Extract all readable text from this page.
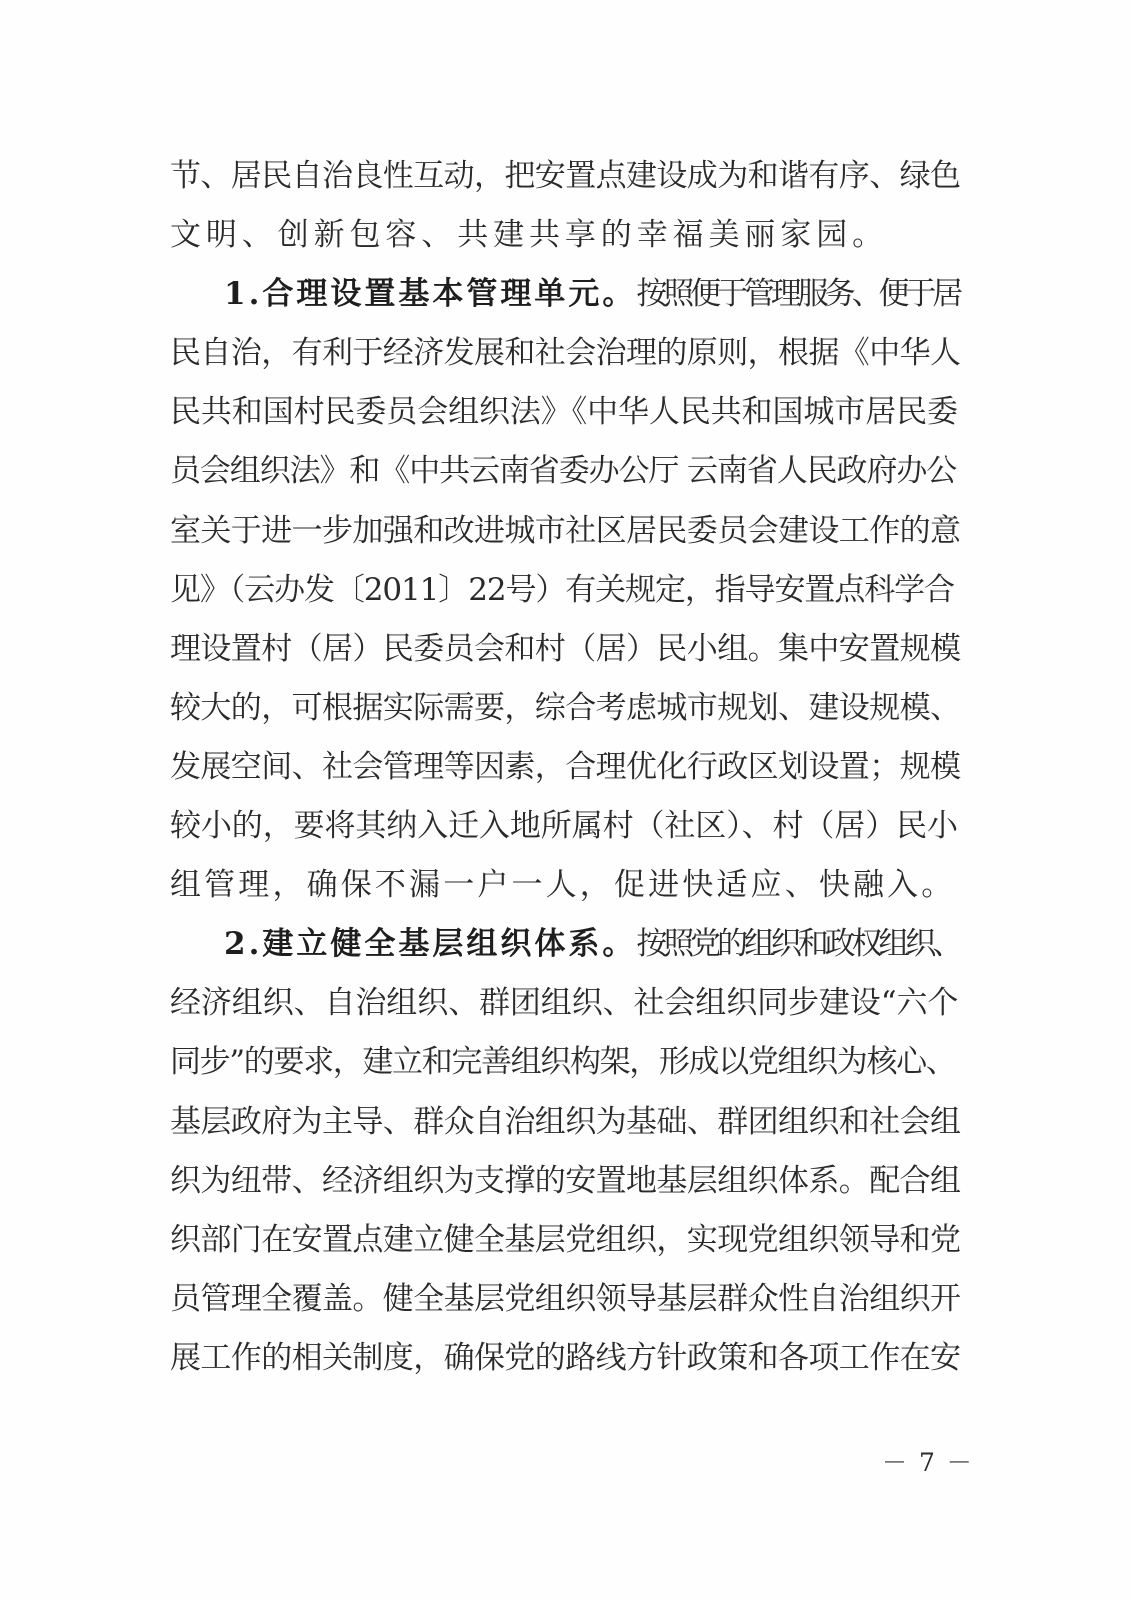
节、居民自治良性互动，把安置点建设成为和谐有序、绿色
文明、创新包容、共建共享的幸福美丽家园。
1.合理设置基本管理单元。按照便于管理服务、便于居
民自治，有利于经济发展和社会治理的原则，根据《中华人
民共和国村民委员会组织法》《中华人民共和国城市居民委
员会组织法》和《中共云南省委办公厅 云南省人民政府办公
室关于进一步加强和改进城市社区居民委员会建设工作的意
见》（云办发〔2011〕22号）有关规定，指导安置点科学合
理设置村（居）民委员会和村（居）民小组。集中安置规模
较大的，可根据实际需要，综合考虑城市规划、建设规模、
发展空间、社会管理等因素，合理优化行政区划设置；规模
较小的，要将其纳入迁入地所属村（社区）、村（居）民小
组管理，确保不漏一户一人，促进快适应、快融入。
2.建立健全基层组织体系。按照党的组织和政权组织、
经济组织、自治组织、群团组织、社会组织同步建设“六个
同步”的要求，建立和完善组织构架，形成以党组织为核心、
基层政府为主导、群众自治组织为基础、群团组织和社会组
织为纽带、经济组织为支撑的安置地基层组织体系。配合组
织部门在安置点建立健全基层党组织，实现党组织领导和党
员管理全覆盖。健全基层党组织领导基层群众性自治组织开
展工作的相关制度，确保党的路线方针政策和各项工作在安
－ 7 －
